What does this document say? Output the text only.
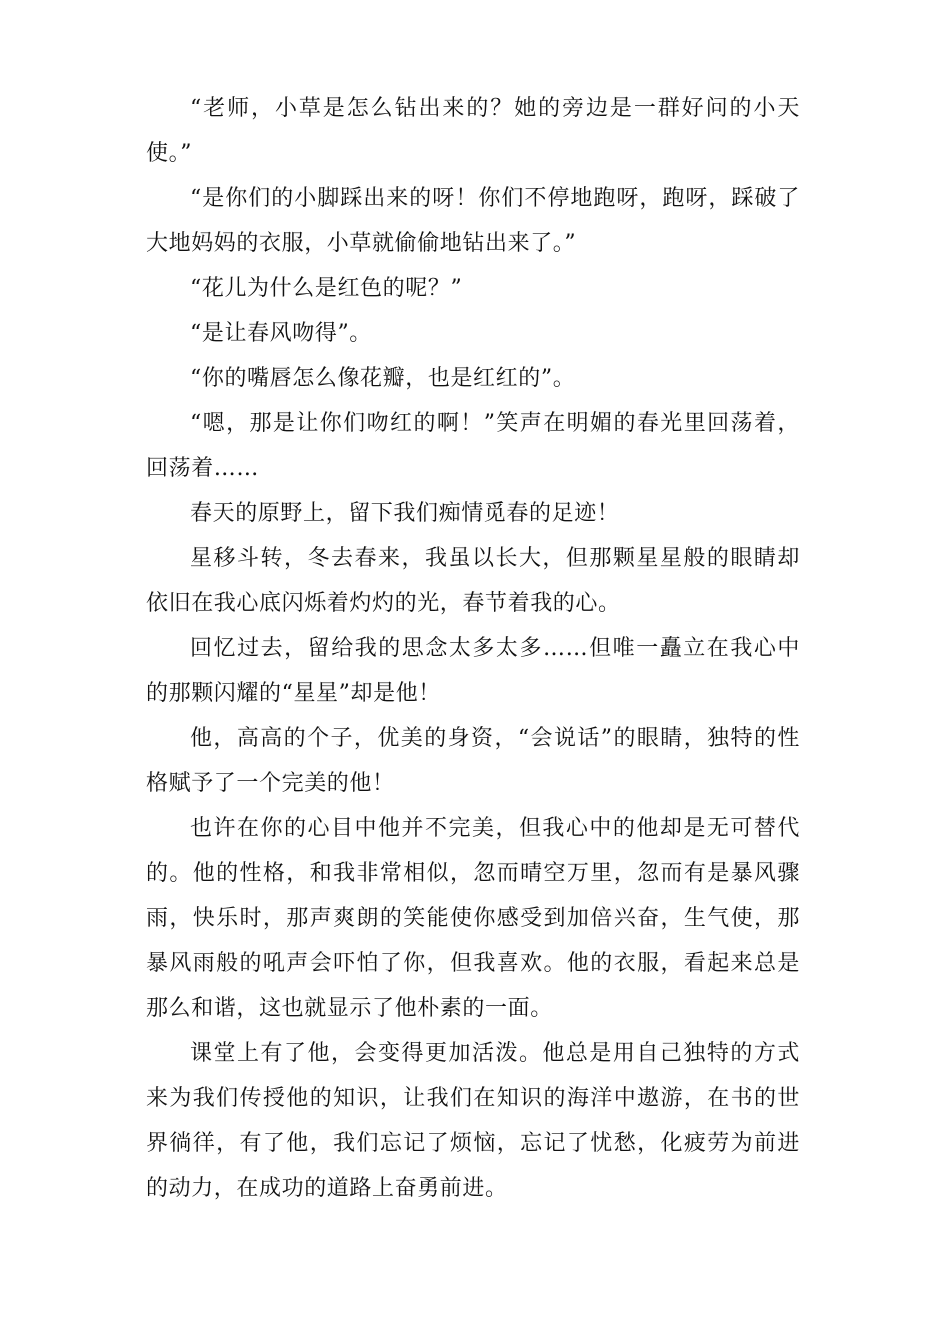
“老师，小草是怎么钻出来的？她的旁边是一群好问的小天使。”

“是你们的小脚踩出来的呀！你们不停地跑呀，跑呀，踩破了大地妈妈的衣服，小草就偷偷地钻出来了。”

“花儿为什么是红色的呢？”

“是让春风吻得”。

“你的嘴唇怎么像花瓣，也是红红的”。

“嗯，那是让你们吻红的啊！”笑声在明媚的春光里回荡着，回荡着……

春天的原野上，留下我们痴情觅春的足迹！

星移斗转，冬去春来，我虽以长大，但那颗星星般的眼睛却依旧在我心底闪烁着灼灼的光，春节着我的心。

回忆过去，留给我的思念太多太多……但唯一矗立在我心中的那颗闪耀的“星星”却是他！

他，高高的个子，优美的身资，“会说话”的眼睛，独特的性格赋予了一个完美的他！

也许在你的心目中他并不完美，但我心中的他却是无可替代的。他的性格，和我非常相似，忽而晴空万里，忽而有是暴风骤雨，快乐时，那声爽朗的笑能使你感受到加倍兴奋，生气使，那暴风雨般的吼声会吓怕了你，但我喜欢。他的衣服，看起来总是那么和谐，这也就显示了他朴素的一面。

课堂上有了他，会变得更加活泼。他总是用自己独特的方式来为我们传授他的知识，让我们在知识的海洋中遨游，在书的世界徜徉，有了他，我们忘记了烦恼，忘记了忧愁，化疲劳为前进的动力，在成功的道路上奋勇前进。
